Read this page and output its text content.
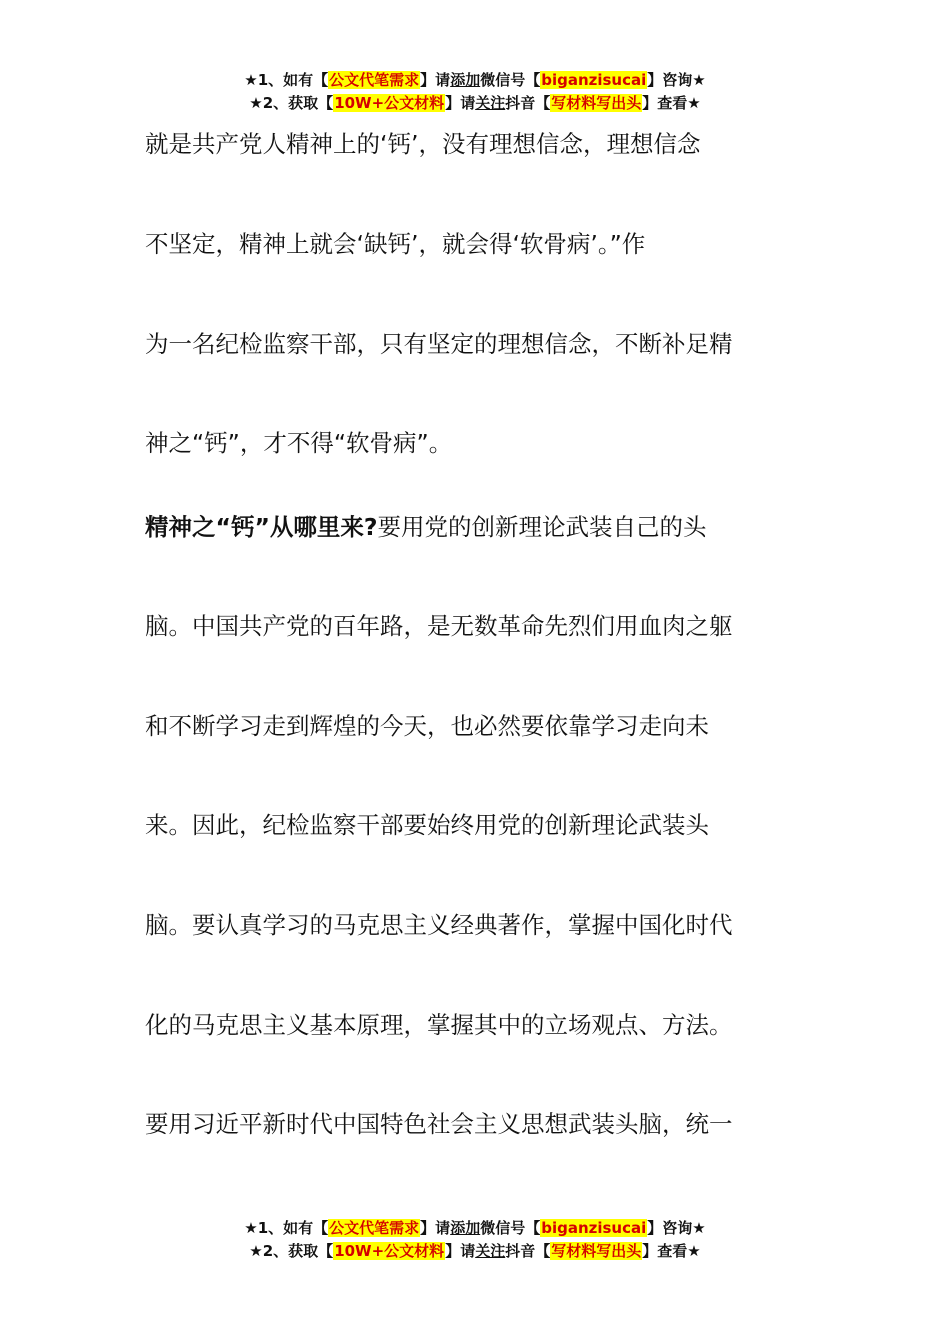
★1、如有【公文代笔需求】请添加微信号【biganzisucai】咨询★
★2、获取【10W+公文材料】请关注抖音【写材料写出头】查看★
就是共产党人精神上的‘钙’，没有理想信念，理想信念
不坚定，精神上就会‘缺钙’，就会得‘软骨病’。”作
为一名纪检监察干部，只有坚定的理想信念，不断补足精
神之“钙”，才不得“软骨病”。
精神之“钙”从哪里来?要用党的创新理论武装自己的头
脑。中国共产党的百年路，是无数革命先烈们用血肉之躯
和不断学习走到辉煌的今天，也必然要依靠学习走向未
来。因此，纪检监察干部要始终用党的创新理论武装头
脑。要认真学习的马克思主义经典著作，掌握中国化时代
化的马克思主义基本原理，掌握其中的立场观点、方法。
要用习近平新时代中国特色社会主义思想武装头脑，统一
★1、如有【公文代笔需求】请添加微信号【biganzisucai】咨询★
★2、获取【10W+公文材料】请关注抖音【写材料写出头】查看★
